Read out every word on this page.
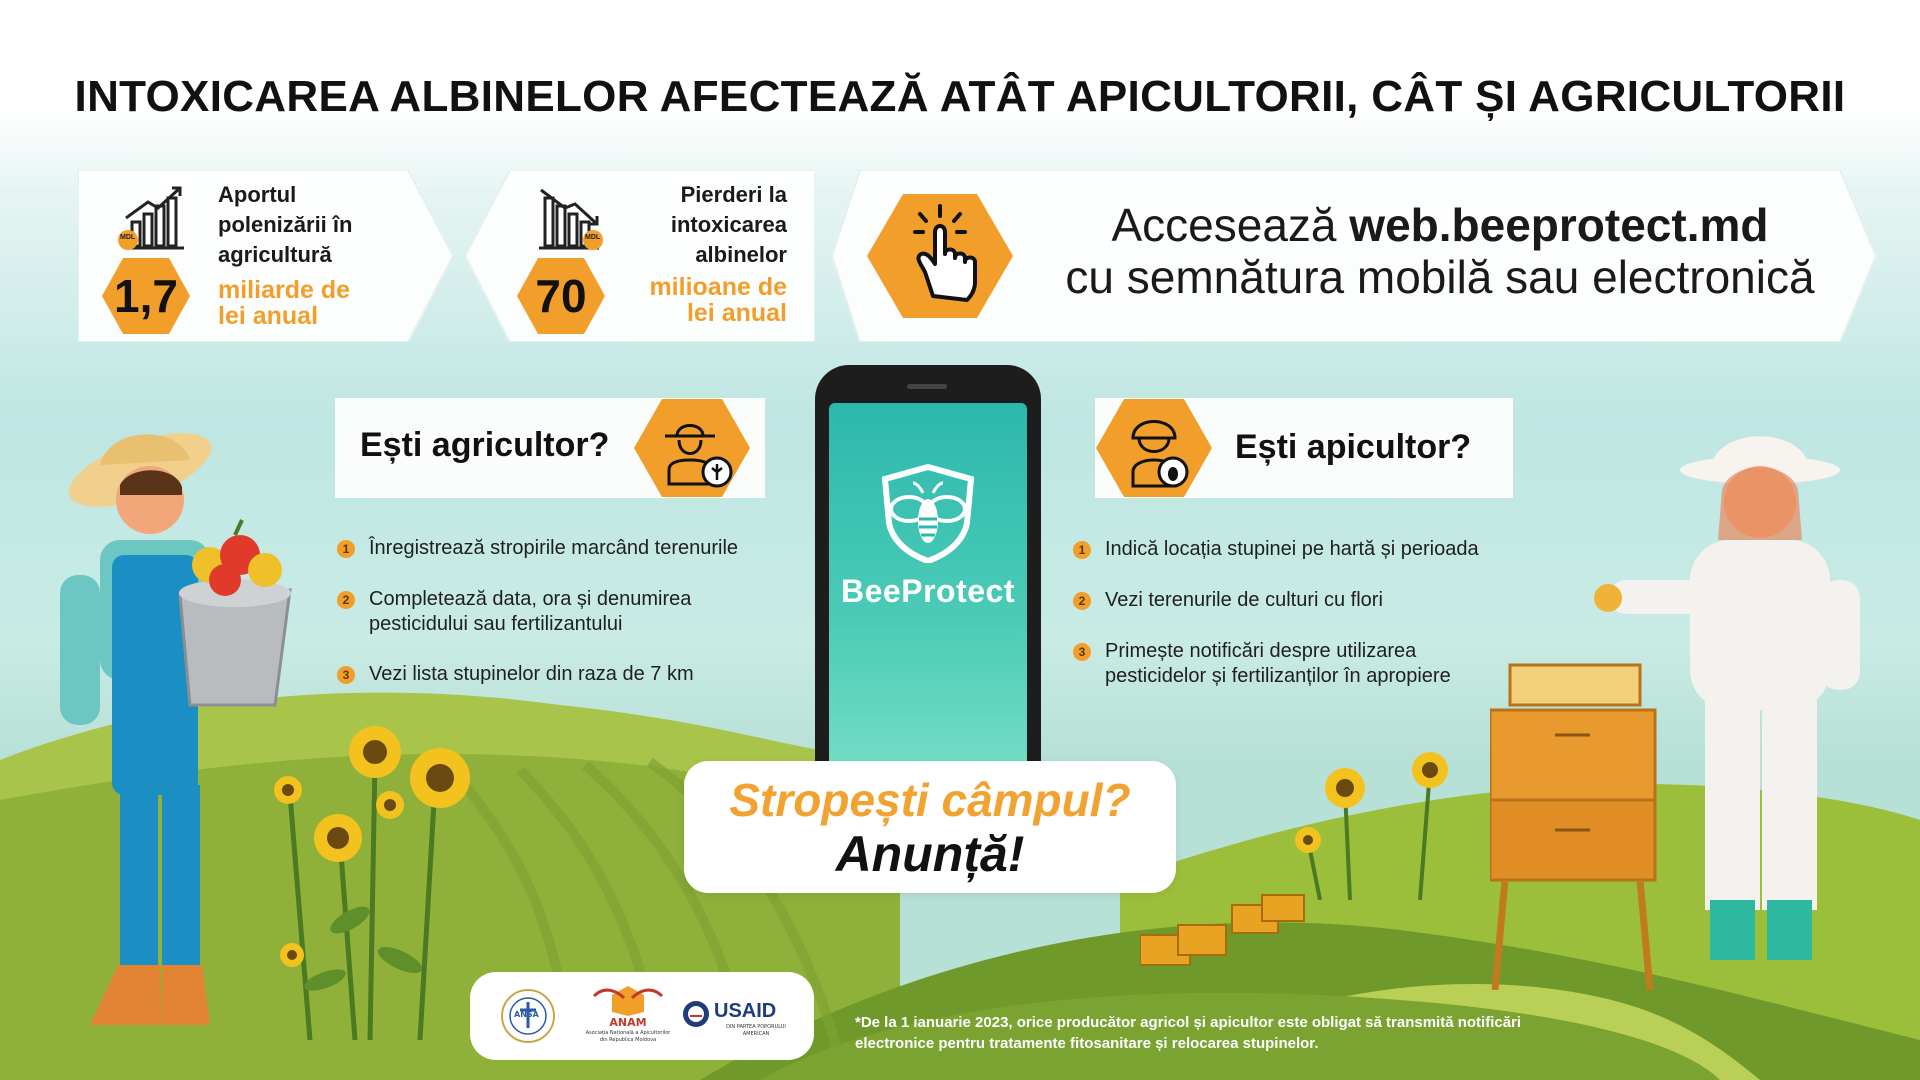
INTOXICAREA ALBINELOR AFECTEAZĂ ATÂT APICULTORII, CÂT ȘI AGRICULTORII
MDL
1,7
Aportul
polenizării în
agricultură
miliarde de
lei anual
MDL
70
Pierderi la
intoxicarea
albinelor
milioane de
lei anual
Accesează web.beeprotect.md
cu semnătura mobilă sau electronică
Ești agricultor?
1 Înregistrează stropirile marcând terenurile
2 Completează data, ora și denumirea pesticidului sau fertilizantului
3 Vezi lista stupinelor din raza de 7 km
BeeProtect
Ești apicultor?
1 Indică locația stupinei pe hartă și perioada
2 Vezi terenurile de culturi cu flori
3 Primește notificări despre utilizarea pesticidelor și fertilizanților în apropiere
Stropești câmpul?
Anunță!
ANSA
ANAM
Asociația Națională a Apicultorilor
din Republica Moldova
USAID
DIN PARTEA POPORULUI
AMERICAN
*De la 1 ianuarie 2023, orice producător agricol și apicultor este obligat să transmită notificări
electronice pentru tratamente fitosanitare și relocarea stupinelor.
